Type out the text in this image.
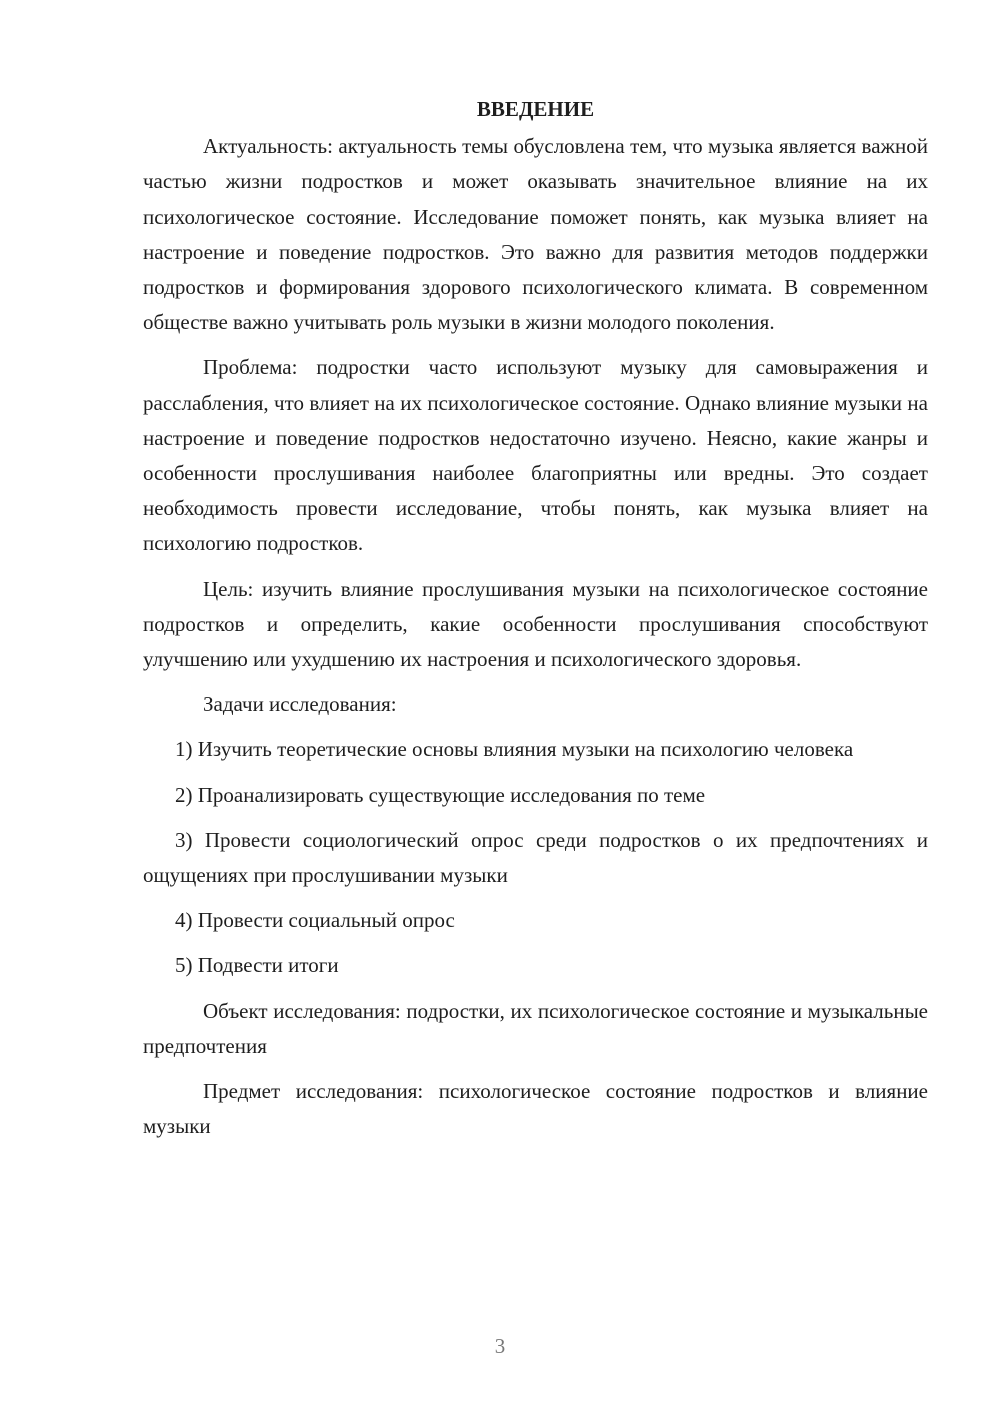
ВВЕДЕНИЕ

Актуальность: актуальность темы обусловлена тем, что музыка является важной частью жизни подростков и может оказывать значительное влияние на их психологическое состояние. Исследование поможет понять, как музыка влияет на настроение и поведение подростков. Это важно для развития методов поддержки подростков и формирования здорового психологического климата. В современном обществе важно учитывать роль музыки в жизни молодого поколения.

Проблема: подростки часто используют музыку для самовыражения и расслабления, что влияет на их психологическое состояние. Однако влияние музыки на настроение и поведение подростков недостаточно изучено. Неясно, какие жанры и особенности прослушивания наиболее благоприятны или вредны. Это создает необходимость провести исследование, чтобы понять, как музыка влияет на психологию подростков.

Цель: изучить влияние прослушивания музыки на психологическое состояние подростков и определить, какие особенности прослушивания способствуют улучшению или ухудшению их настроения и психологического здоровья.

Задачи исследования:

1) Изучить теоретические основы влияния музыки на психологию человека

2) Проанализировать существующие исследования по теме

3) Провести социологический опрос среди подростков о их предпочтениях и ощущениях при прослушивании музыки

4) Провести социальный опрос

5) Подвести итоги

Объект исследования: подростки, их психологическое состояние и музыкальные предпочтения

Предмет исследования: психологическое состояние подростков и влияние музыки

3
